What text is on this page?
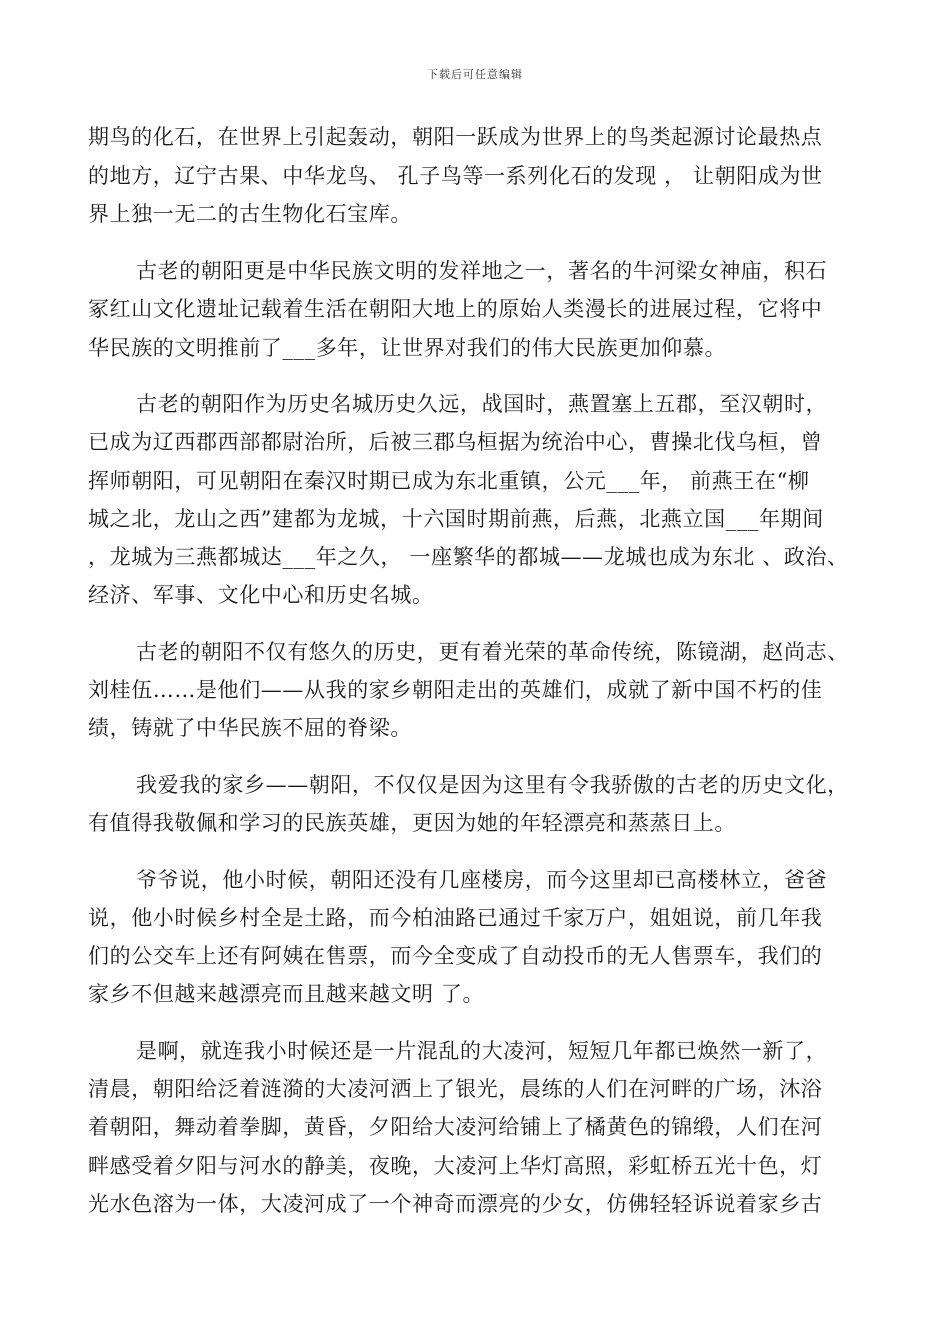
下载后可任意编辑
期鸟的化石，在世界上引起轰动，朝阳一跃成为世界上的鸟类起源讨论最热点
的地方，辽宁古果、中华龙鸟、 孔子鸟等一系列化石的发现 ， 让朝阳成为世
界上独一无二的古生物化石宝库。
古老的朝阳更是中华民族文明的发祥地之一，著名的牛河梁女神庙，积石
冢红山文化遗址记载着生活在朝阳大地上的原始人类漫长的进展过程，它将中
华民族的文明推前了___多年，让世界对我们的伟大民族更加仰慕。
古老的朝阳作为历史名城历史久远，战国时，燕置塞上五郡，至汉朝时，
已成为辽西郡西部都尉治所，后被三郡乌桓据为统治中心，曹操北伐乌桓，曾
挥师朝阳，可见朝阳在秦汉时期已成为东北重镇，公元___年， 前燕王在“柳
城之北，龙山之西”建都为龙城，十六国时期前燕，后燕，北燕立国___年期间
，龙城为三燕都城达___年之久， 一座繁华的都城——龙城也成为东北 、政治、
经济、军事、文化中心和历史名城。
古老的朝阳不仅有悠久的历史，更有着光荣的革命传统，陈镜湖，赵尚志、
刘桂伍……是他们——从我的家乡朝阳走出的英雄们，成就了新中国不朽的佳
绩，铸就了中华民族不屈的脊梁。
我爱我的家乡——朝阳，不仅仅是因为这里有令我骄傲的古老的历史文化，
有值得我敬佩和学习的民族英雄，更因为她的年轻漂亮和蒸蒸日上。
爷爷说，他小时候，朝阳还没有几座楼房，而今这里却已高楼林立，爸爸
说，他小时候乡村全是土路，而今柏油路已通过千家万户，姐姐说，前几年我
们的公交车上还有阿姨在售票，而今全变成了自动投币的无人售票车，我们的
家乡不但越来越漂亮而且越来越文明 了。
是啊，就连我小时候还是一片混乱的大凌河，短短几年都已焕然一新了，
清晨，朝阳给泛着涟漪的大凌河洒上了银光，晨练的人们在河畔的广场，沐浴
着朝阳，舞动着拳脚，黄昏，夕阳给大凌河给铺上了橘黄色的锦缎，人们在河
畔感受着夕阳与河水的静美，夜晚，大凌河上华灯高照，彩虹桥五光十色，灯
光水色溶为一体，大凌河成了一个神奇而漂亮的少女，仿佛轻轻诉说着家乡古
